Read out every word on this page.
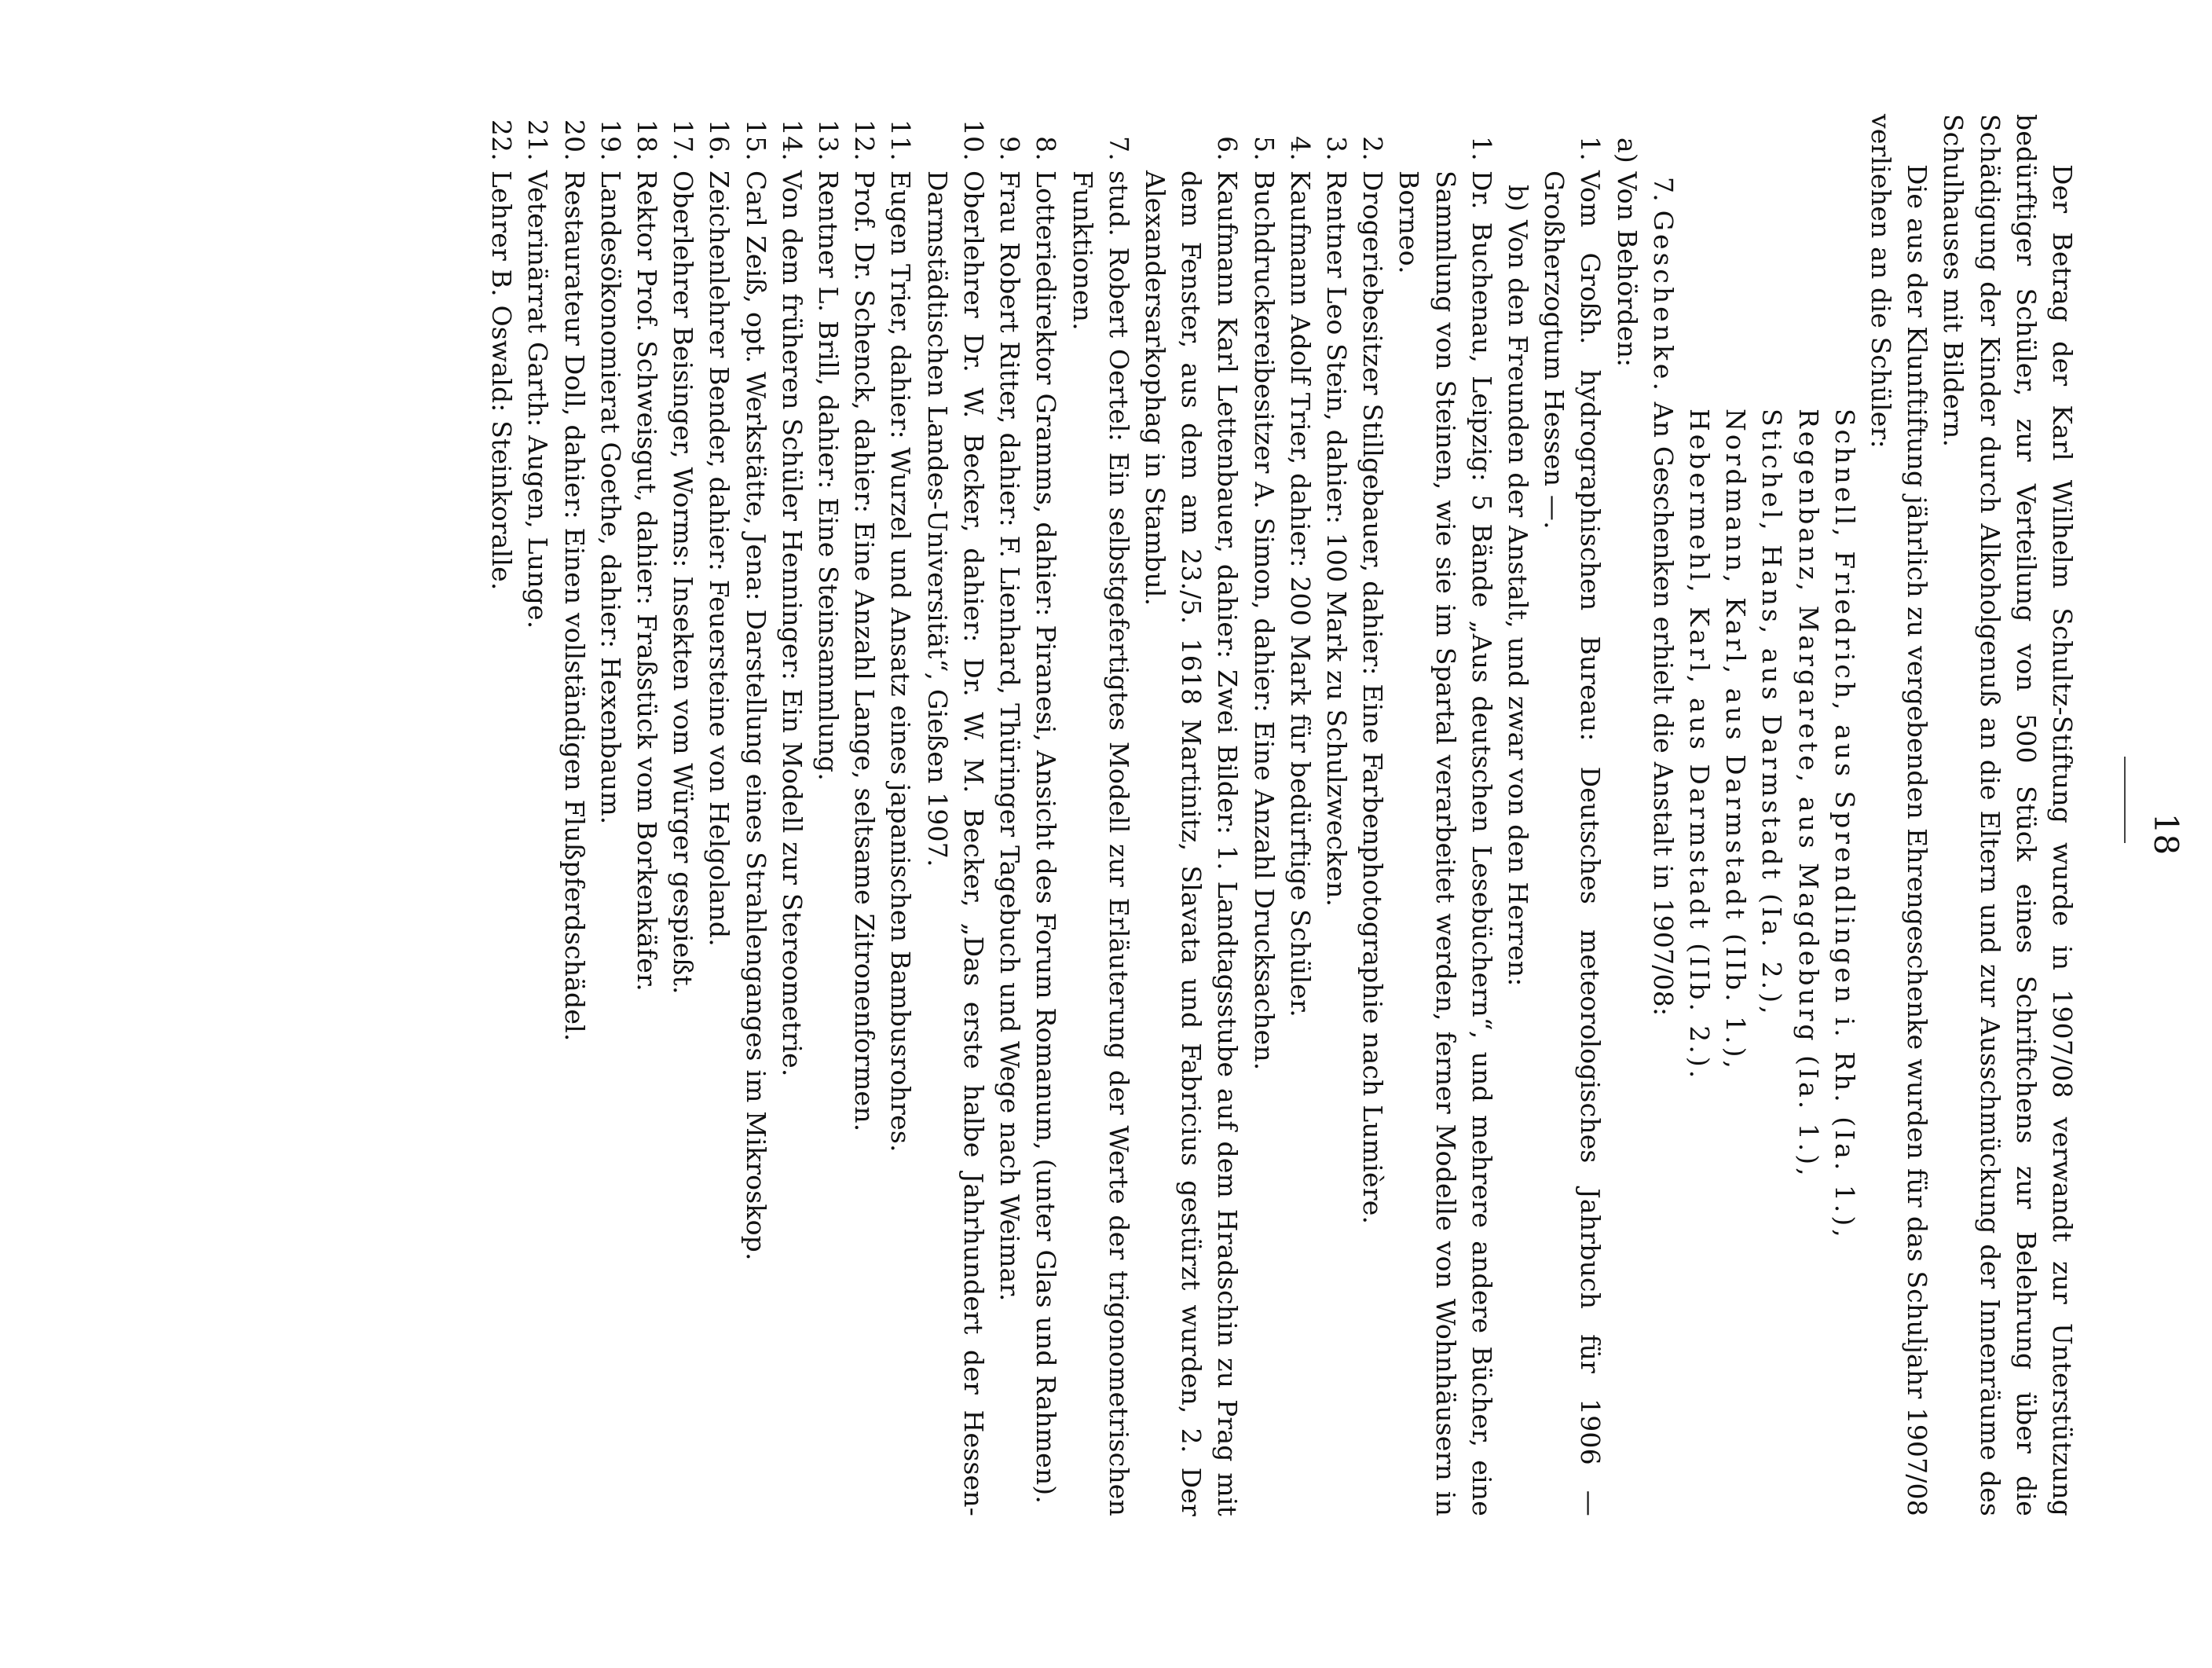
18

Der Betrag der Karl Wilhelm Schultz-Stiftung wurde in 1907/08 verwandt zur Unterstützung bedürftiger Schüler, zur Verteilung von 500 Stück eines Schriftchens zur Belehrung über die Schädigung der Kinder durch Alkoholgenuß an die Eltern und zur Ausschmückung der Innenräume des Schulhauses mit Bildern.

Die aus der Klunftiftung jährlich zu vergebenden Ehrengeschenke wurden für das Schuljahr 1907/08 verliehen an die Schüler:

Schnell, Friedrich, aus Sprendlingen i. Rh. (Ia. 1.),
Regenbanz, Margarete, aus Magdeburg (Ia. 1.),
Stichel, Hans, aus Darmstadt (Ia. 2.),
Nordmann, Karl, aus Darmstadt (IIb. 1.),
Hebermehl, Karl, aus Darmstadt (IIb. 2.).
7. Geschenke. An Geschenken erhielt die Anstalt in 1907/08:
a) Von Behörden:
1.
Vom Großh. hydrographischen Bureau: Deutsches meteorologisches Jahrbuch für 1906 — Großherzogtum Hessen —.
b) Von den Freunden der Anstalt, und zwar von den Herren:
1.
Dr. Buchenau, Leipzig: 5 Bände „Aus deutschen Lesebüchern“, und mehrere andere Bücher, eine Sammlung von Steinen, wie sie im Spartal verarbeitet werden, ferner Modelle von Wohnhäusern in Borneo.
2.
Drogeriebesitzer Stillgebauer, dahier: Eine Farbenphotographie nach Lumière.
3.
Rentner Leo Stein, dahier: 100 Mark zu Schulzwecken.
4.
Kaufmann Adolf Trier, dahier: 200 Mark für bedürftige Schüler.
5.
Buchdruckereibesitzer A. Simon, dahier: Eine Anzahl Drucksachen.
6.
Kaufmann Karl Lettenbauer, dahier: Zwei Bilder: 1. Landtagsstube auf dem Hradschin zu Prag mit dem Fenster, aus dem am 23./5. 1618 Martinitz, Slavata und Fabricius gestürzt wurden, 2. Der Alexandersarkophag in Stambul.
7.
stud. Robert Oertel: Ein selbstgefertigtes Modell zur Erläuterung der Werte der trigonometrischen Funktionen.
8.
Lotteriedirektor Gramms, dahier: Piranesi, Ansicht des Forum Romanum, (unter Glas und Rahmen).
9.
Frau Robert Ritter, dahier: F. Lienhard, Thüringer Tagebuch und Wege nach Weimar.
10.
Oberlehrer Dr. W. Becker, dahier: Dr. W. M. Becker, „Das erste halbe Jahrhundert der Hessen-Darmstädtischen Landes-Universität“, Gießen 1907.
11.
Eugen Trier, dahier: Wurzel und Ansatz eines japanischen Bambusrohres.
12.
Prof. Dr. Schenck, dahier: Eine Anzahl Lange, seltsame Zitronenformen.
13.
Rentner L. Brill, dahier: Eine Steinsammlung.
14.
Von dem früheren Schüler Henninger: Ein Modell zur Stereometrie.
15.
Carl Zeiß, opt. Werkstätte, Jena: Darstellung eines Strahlenganges im Mikroskop.
16.
Zeichenlehrer Bender, dahier: Feuersteine von Helgoland.
17.
Oberlehrer Beisinger, Worms: Insekten vom Würger gespießt.
18.
Rektor Prof. Schweisgut, dahier: Fraßstück vom Borkenkäfer.
19.
Landesökonomierat Goethe, dahier: Hexenbaum.
20.
Restaurateur Doll, dahier: Einen vollständigen Flußpferdschädel.
21.
Veterinärrat Garth: Augen, Lunge.
22.
Lehrer B. Oswald: Steinkoralle.
